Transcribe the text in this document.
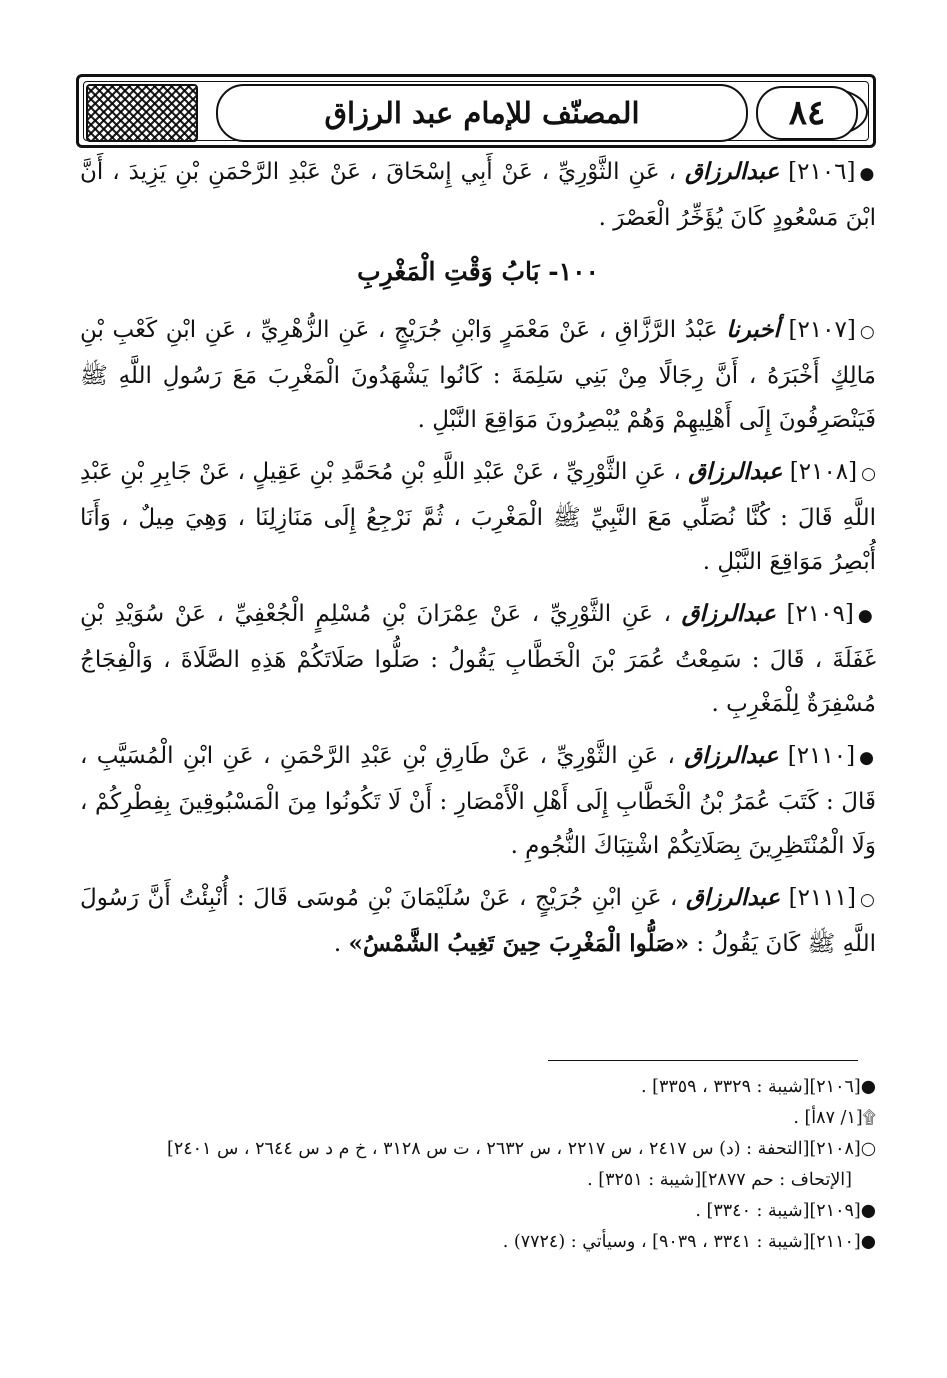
المصنّف للإمام عبد الرزاق	٨٤

●[٢١٠٦] عبدالرزاق ، عَنِ الثَّوْرِيِّ ، عَنْ أَبِي إِسْحَاقَ ، عَنْ عَبْدِ الرَّحْمَنِ بْنِ يَزِيدَ ، أَنَّ ابْنَ مَسْعُودٍ كَانَ يُؤَخِّرُ الْعَصْرَ .

١٠٠- بَابُ وَقْتِ الْمَغْرِبِ

○[٢١٠٧] أخبرنا عَبْدُ الرَّزَّاقِ ، عَنْ مَعْمَرٍ وَابْنِ جُرَيْجٍ ، عَنِ الزُّهْرِيِّ ، عَنِ ابْنِ كَعْبِ بْنِ مَالِكٍ أَخْبَرَهُ ، أَنَّ رِجَالًا مِنْ بَنِي سَلِمَةَ : كَانُوا يَشْهَدُونَ الْمَغْرِبَ مَعَ رَسُولِ اللَّهِ ﷺ فَيَنْصَرِفُونَ إِلَى أَهْلِيهِمْ وَهُمْ يُبْصِرُونَ مَوَاقِعَ النَّبْلِ .

○[٢١٠٨] عبدالرزاق ، عَنِ الثَّوْرِيِّ ، عَنْ عَبْدِ اللَّهِ بْنِ مُحَمَّدِ بْنِ عَقِيلٍ ، عَنْ جَابِرِ بْنِ عَبْدِ اللَّهِ قَالَ : كُنَّا نُصَلِّي مَعَ النَّبِيِّ ﷺ الْمَغْرِبَ ، ثُمَّ نَرْجِعُ إِلَى مَنَازِلِنَا ، وَهِيَ مِيلٌ ، وَأَنَا أُبْصِرُ مَوَاقِعَ النَّبْلِ .

●[٢١٠٩] عبدالرزاق ، عَنِ الثَّوْرِيِّ ، عَنْ عِمْرَانَ بْنِ مُسْلِمٍ الْجُعْفِيِّ ، عَنْ سُوَيْدِ بْنِ غَفَلَةَ ، قَالَ : سَمِعْتُ عُمَرَ بْنَ الْخَطَّابِ يَقُولُ : صَلُّوا صَلَاتَكُمْ هَذِهِ الصَّلَاةَ ، وَالْفِجَاجُ مُسْفِرَةٌ لِلْمَغْرِبِ .

●[٢١١٠] عبدالرزاق ، عَنِ الثَّوْرِيِّ ، عَنْ طَارِقِ بْنِ عَبْدِ الرَّحْمَنِ ، عَنِ ابْنِ الْمُسَيَّبِ ، قَالَ : كَتَبَ عُمَرُ بْنُ الْخَطَّابِ إِلَى أَهْلِ الْأَمْصَارِ : أَنْ لَا تَكُونُوا مِنَ الْمَسْبُوقِينَ بِفِطْرِكُمْ ، وَلَا الْمُنْتَظِرِينَ بِصَلَاتِكُمْ اشْتِبَاكَ النُّجُومِ .

○[٢١١١] عبدالرزاق ، عَنِ ابْنِ جُرَيْجٍ ، عَنْ سُلَيْمَانَ بْنِ مُوسَى قَالَ : أُنْبِئْتُ أَنَّ رَسُولَ اللَّهِ ﷺ كَانَ يَقُولُ : «صَلُّوا الْمَغْرِبَ حِينَ تَغِيبُ الشَّمْسُ» .

●[٢١٠٦][شيبة : ٣٣٢٩ ، ٣٣٥٩] .

۩[١/ ٨٧أ] .

○[٢١٠٨][التحفة : (د) س ٢٤١٧ ، س ٢٢١٧ ، س ٢٦٣٢ ، ت س ٣١٢٨ ، خ م د س ٢٦٤٤ ، س ٢٤٠١]

[الإتحاف : حم ٢٨٧٧][شيبة : ٣٢٥١] .

●[٢١٠٩][شيبة : ٣٣٤٠] .

●[٢١١٠][شيبة : ٣٣٤١ ، ٩٠٣٩] ، وسيأتي : (٧٧٢٤) .
